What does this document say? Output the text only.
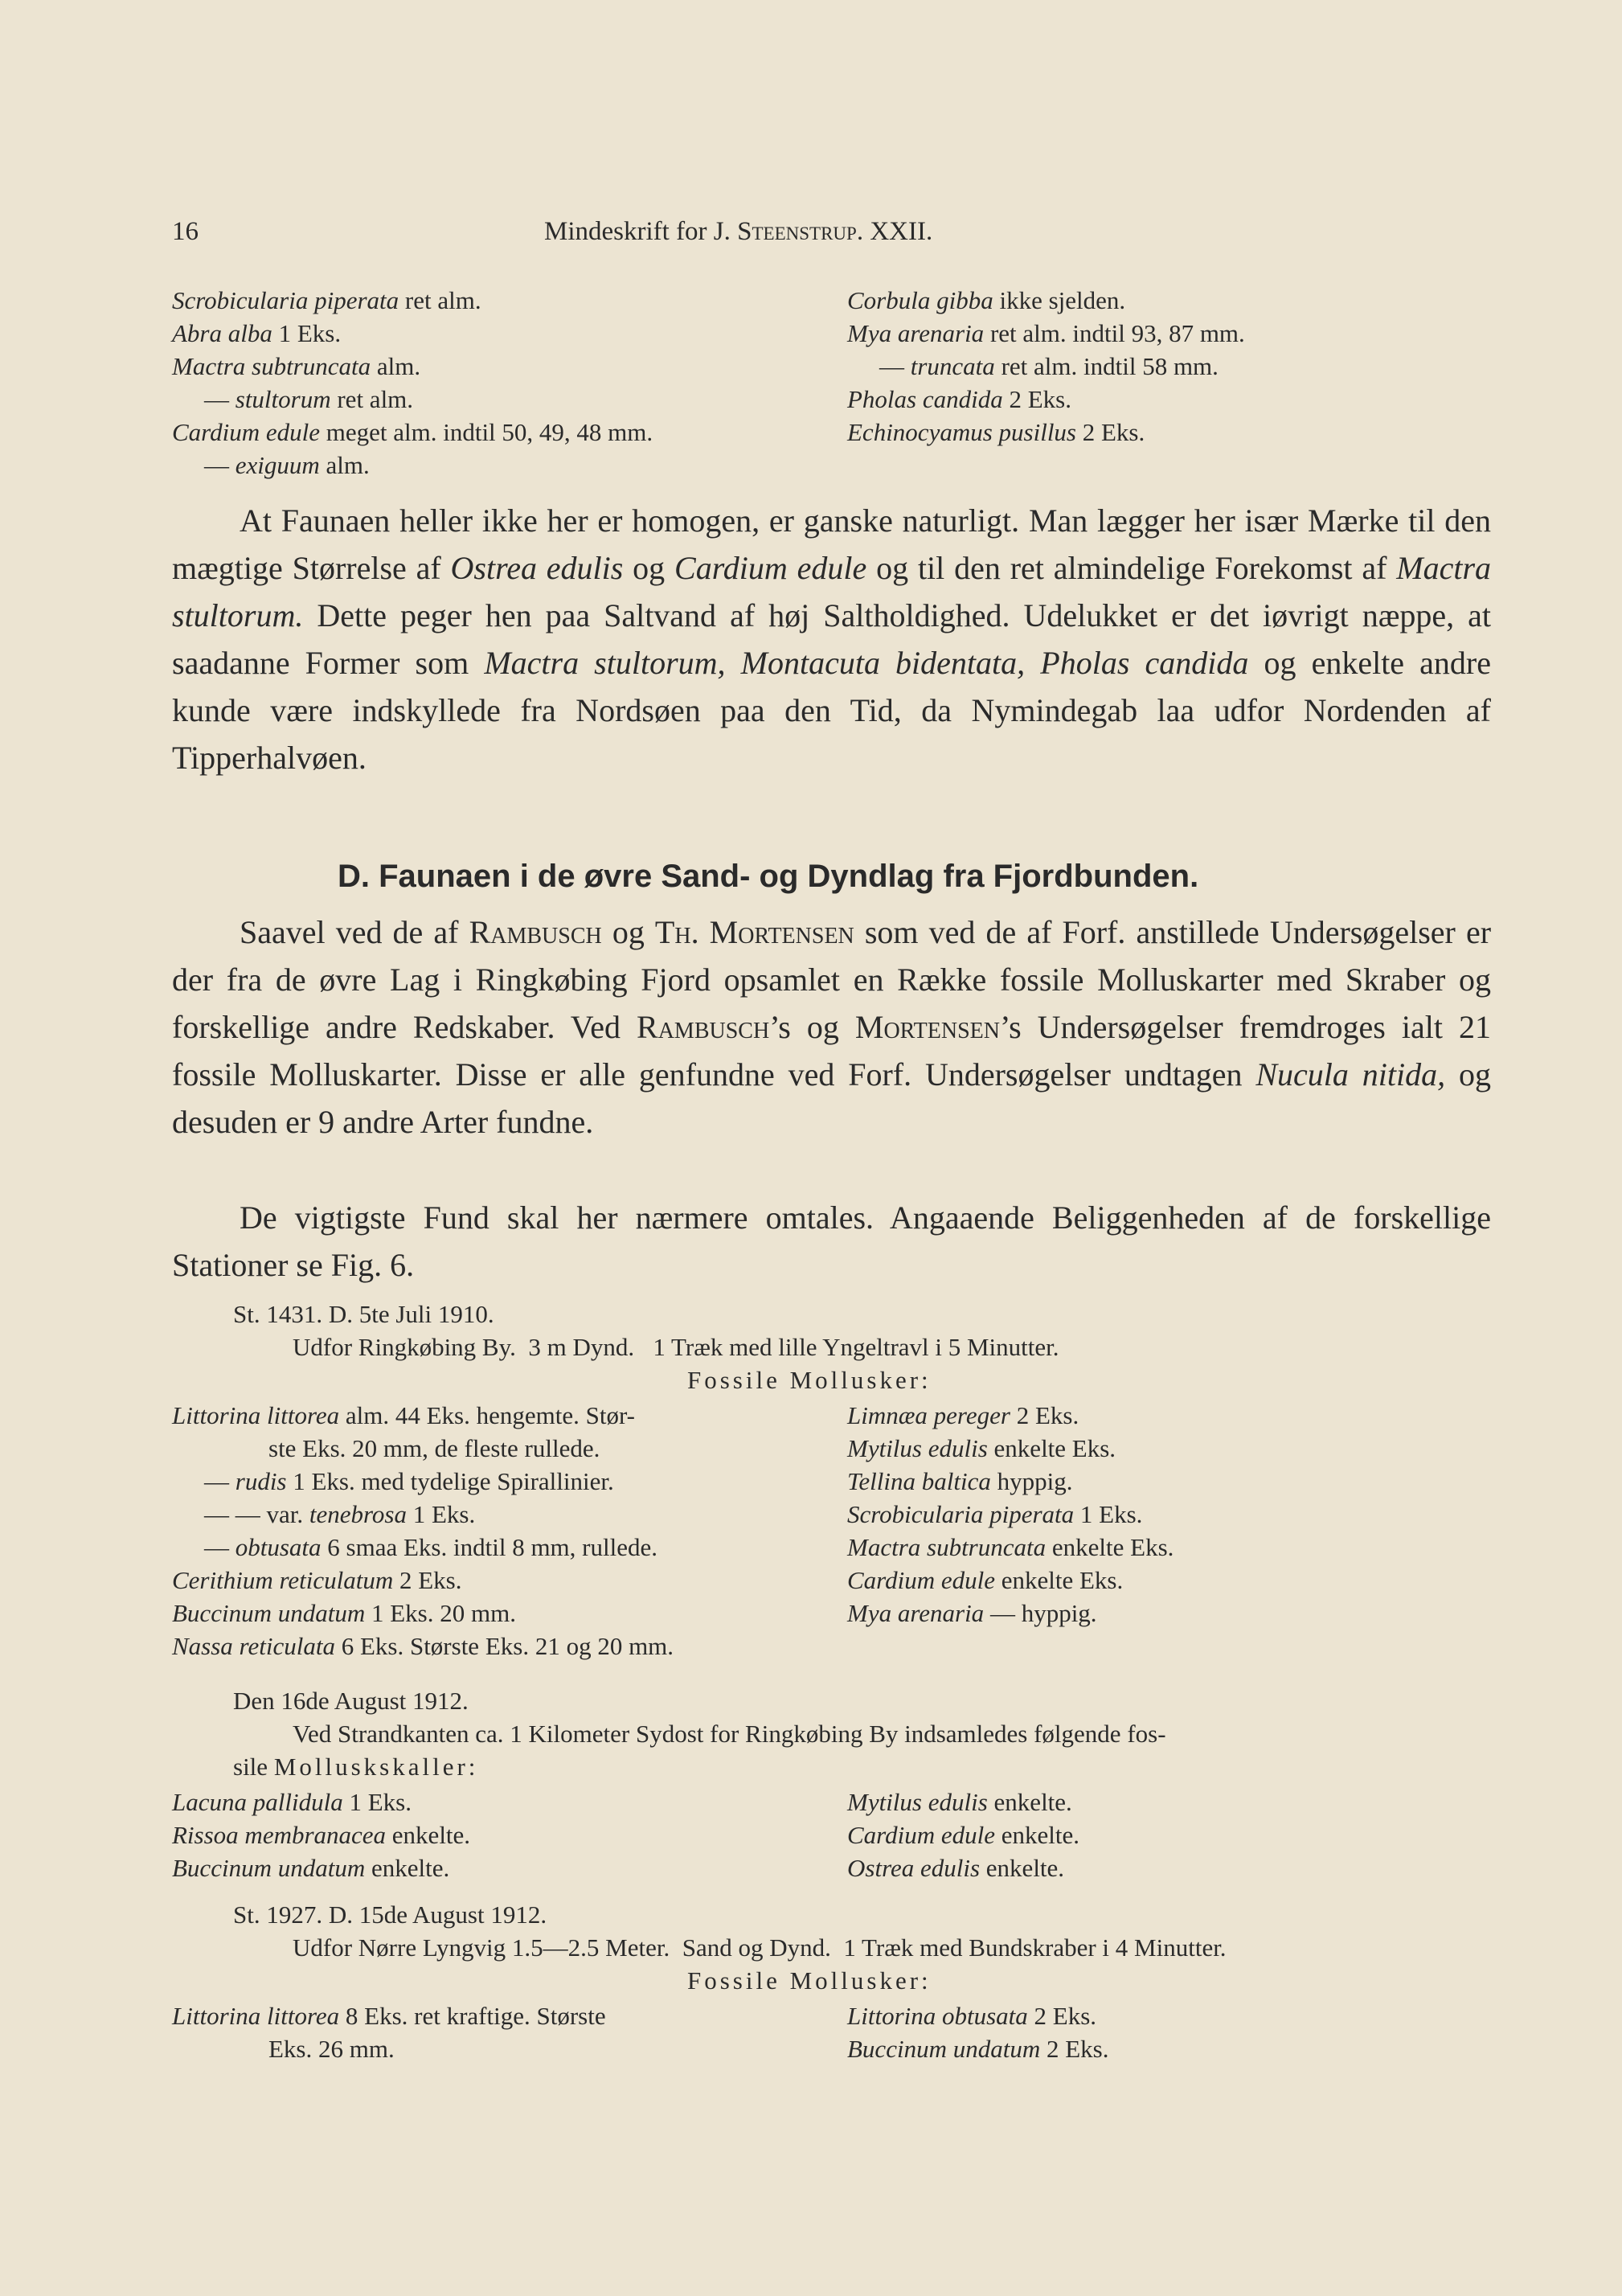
16	Mindeskrift for J. Steenstrup. XXII.
Scrobicularia piperata ret alm.
Abra alba 1 Eks.
Mactra subtruncata alm.
— stultorum ret alm.
Cardium edule meget alm. indtil 50, 49, 48 mm.
— exiguum alm.
Corbula gibba ikke sjelden.
Mya arenaria ret alm. indtil 93, 87 mm.
— truncata ret alm. indtil 58 mm.
Pholas candida 2 Eks.
Echinocyamus pusillus 2 Eks.

At Faunaen heller ikke her er homogen, er ganske naturligt. Man lægger her især Mærke til den mægtige Størrelse af Ostrea edulis og Cardium edule og til den ret almindelige Forekomst af Mactra stultorum. Dette peger hen paa Saltvand af høj Saltholdighed. Udelukket er det iøvrigt næppe, at saadanne Former som Mactra stultorum, Montacuta bidentata, Pholas candida og enkelte andre kunde være indskyllede fra Nordsøen paa den Tid, da Nymindegab laa udfor Nordenden af Tipperhalvøen.

D. Faunaen i de øvre Sand- og Dyndlag fra Fjordbunden.

Saavel ved de af Rambusch og Th. Mortensen som ved de af Forf. anstillede Undersøgelser er der fra de øvre Lag i Ringkøbing Fjord opsamlet en Række fossile Molluskarter med Skraber og forskellige andre Redskaber. Ved Rambusch’s og Mortensen’s Undersøgelser fremdroges ialt 21 fossile Molluskarter. Disse er alle genfundne ved Forf. Undersøgelser undtagen Nucula nitida, og desuden er 9 andre Arter fundne.

De vigtigste Fund skal her nærmere omtales. Angaaende Beliggenheden af de forskellige Stationer se Fig. 6.

St. 1431. D. 5te Juli 1910.
Udfor Ringkøbing By.  3 m Dynd.   1 Træk med lille Yngeltravl i 5 Minutter.
Fossile Mollusker:
Littorina littorea alm. 44 Eks. hengemte. Stør-
ste Eks. 20 mm, de fleste rullede.
— rudis 1 Eks. med tydelige Spirallinier.
— — var. tenebrosa 1 Eks.
— obtusata 6 smaa Eks. indtil 8 mm, rullede.
Cerithium reticulatum 2 Eks.
Buccinum undatum 1 Eks. 20 mm.
Nassa reticulata 6 Eks. Største Eks. 21 og 20 mm.
Limnæa pereger 2 Eks.
Mytilus edulis enkelte Eks.
Tellina baltica hyppig.
Scrobicularia piperata 1 Eks.
Mactra subtruncata enkelte Eks.
Cardium edule enkelte Eks.
Mya arenaria — hyppig.
Den 16de August 1912.
Ved Strandkanten ca. 1 Kilometer Sydost for Ringkøbing By indsamledes følgende fos-
sile Molluskskaller:
Lacuna pallidula 1 Eks.
Rissoa membranacea enkelte.
Buccinum undatum enkelte.
Mytilus edulis enkelte.
Cardium edule enkelte.
Ostrea edulis enkelte.
St. 1927. D. 15de August 1912.
Udfor Nørre Lyngvig 1.5—2.5 Meter.  Sand og Dynd.  1 Træk med Bundskraber i 4 Minutter.
Fossile Mollusker:
Littorina littorea 8 Eks. ret kraftige. Største
Eks. 26 mm.
Littorina obtusata 2 Eks.
Buccinum undatum 2 Eks.
